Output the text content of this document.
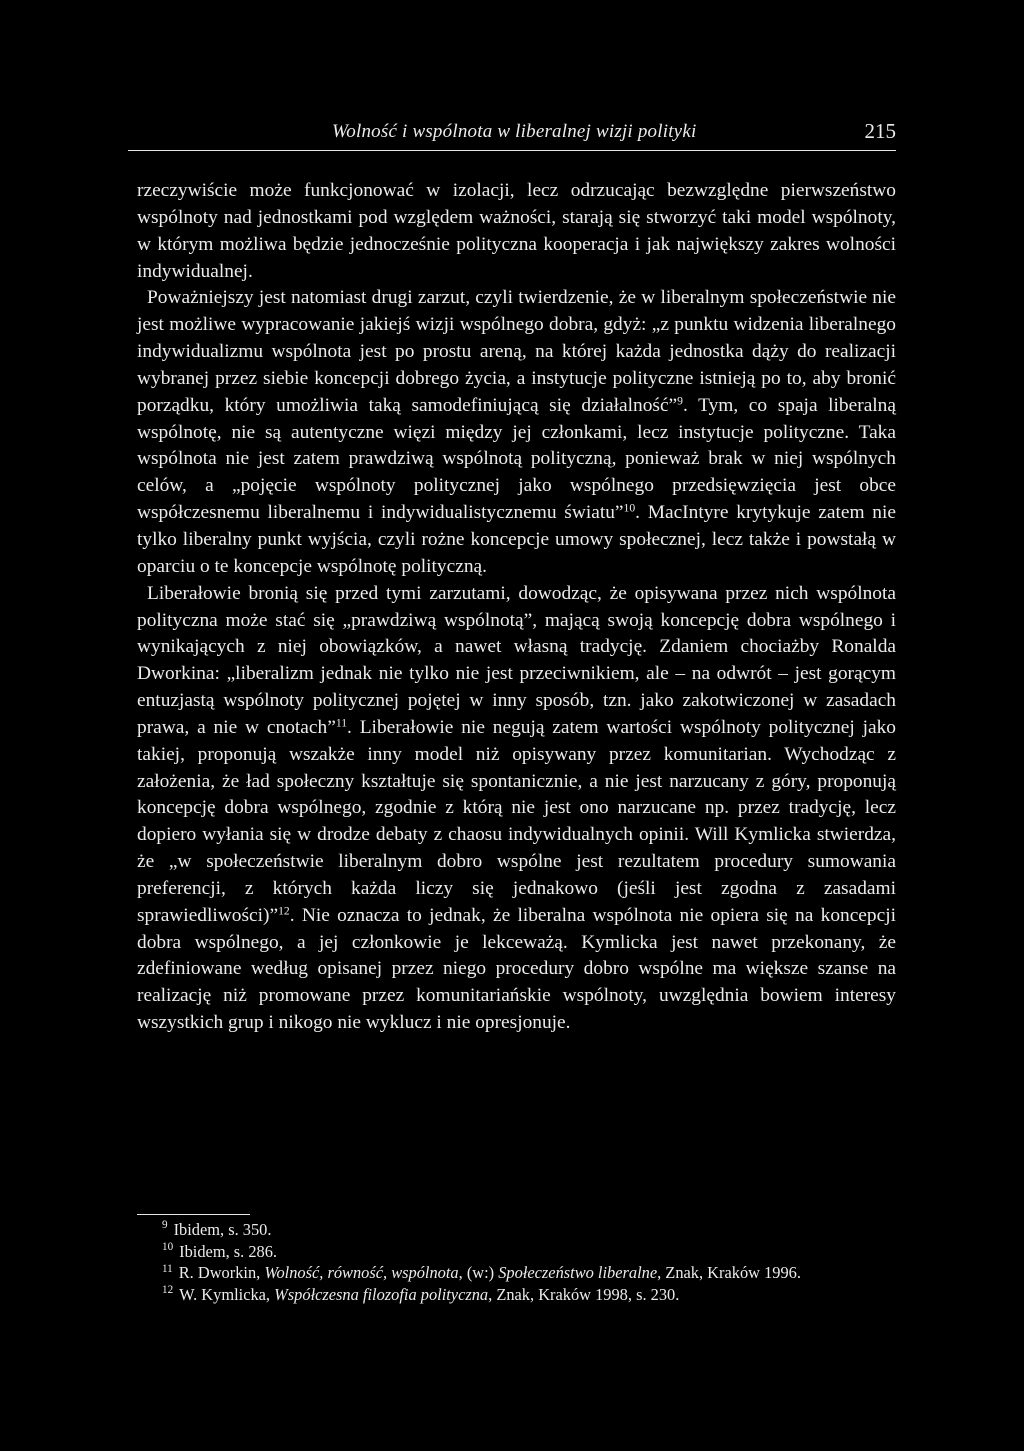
Wolność i wspólnota w liberalnej wizji polityki	215

rzeczywiście może funkcjonować w izolacji, lecz odrzucając bezwzględne pierwszeństwo wspólnoty nad jednostkami pod względem ważności, starają się stworzyć taki model wspólnoty, w którym możliwa będzie jednocześnie polityczna kooperacja i jak największy zakres wolności indywidualnej.

Poważniejszy jest natomiast drugi zarzut, czyli twierdzenie, że w liberalnym społeczeństwie nie jest możliwe wypracowanie jakiejś wizji wspólnego dobra, gdyż: „z punktu widzenia liberalnego indywidualizmu wspólnota jest po prostu areną, na której każda jednostka dąży do realizacji wybranej przez siebie koncepcji dobrego życia, a instytucje polityczne istnieją po to, aby bronić porządku, który umożliwia taką samodefiniującą się działalność”$^9$. Tym, co spaja liberalną wspólnotę, nie są autentyczne więzi między jej członkami, lecz instytucje polityczne. Taka wspólnota nie jest zatem prawdziwą wspólnotą polityczną, ponieważ brak w niej wspólnych celów, a „pojęcie wspólnoty politycznej jako wspólnego przedsięwzięcia jest obce współczesnemu liberalnemu i indywidualistycznemu światu”$^{10}$. MacIntyre krytykuje zatem nie tylko liberalny punkt wyjścia, czyli rożne koncepcje umowy społecznej, lecz także i powstałą w oparciu o te koncepcje wspólnotę polityczną.

Liberałowie bronią się przed tymi zarzutami, dowodząc, że opisywana przez nich wspólnota polityczna może stać się „prawdziwą wspólnotą”, mającą swoją koncepcję dobra wspólnego i wynikających z niej obowiązków, a nawet własną tradycję. Zdaniem chociażby Ronalda Dworkina: „liberalizm jednak nie tylko nie jest przeciwnikiem, ale – na odwrót – jest gorącym entuzjastą wspólnoty politycznej pojętej w inny sposób, tzn. jako zakotwiczonej w zasadach prawa, a nie w cnotach”$^{11}$. Liberałowie nie negują zatem wartości wspólnoty politycznej jako takiej, proponują wszakże inny model niż opisywany przez komunitarian. Wychodząc z założenia, że ład społeczny kształtuje się spontanicznie, a nie jest narzucany z góry, proponują koncepcję dobra wspólnego, zgodnie z którą nie jest ono narzucane np. przez tradycję, lecz dopiero wyłania się w drodze debaty z chaosu indywidualnych opinii. Will Kymlicka stwierdza, że „w społeczeństwie liberalnym dobro wspólne jest rezultatem procedury sumowania preferencji, z których każda liczy się jednakowo (jeśli jest zgodna z zasadami sprawiedliwości)”$^{12}$. Nie oznacza to jednak, że liberalna wspólnota nie opiera się na koncepcji dobra wspólnego, a jej członkowie je lekceważą. Kymlicka jest nawet przekonany, że zdefiniowane według opisanej przez niego procedury dobro wspólne ma większe szanse na realizację niż promowane przez komunitariańskie wspólnoty, uwzględnia bowiem interesy wszystkich grup i nikogo nie wyklucz i nie opresjonuje.

$^9$ Ibidem, s. 350.

$^{10}$ Ibidem, s. 286.

$^{11}$ R. Dworkin, Wolność, równość, wspólnota, (w:) Społeczeństwo liberalne, Znak, Kraków 1996.

$^{12}$ W. Kymlicka, Współczesna filozofia polityczna, Znak, Kraków 1998, s. 230.
